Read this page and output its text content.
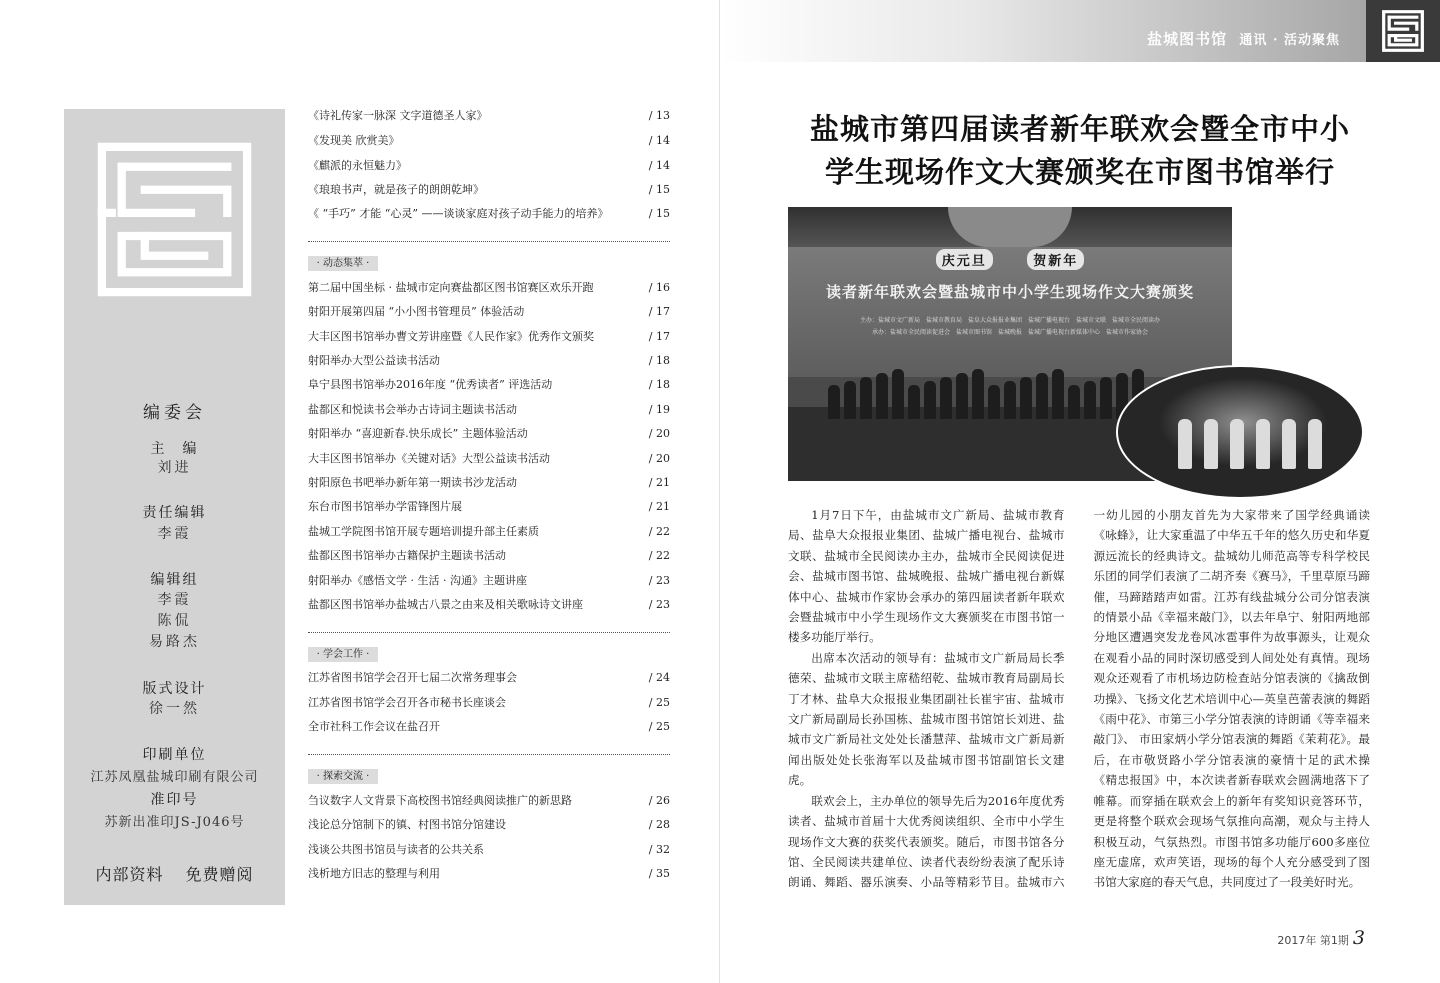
编委会
主　编
刘进
责任编辑
李霞
编辑组
李霞
陈侃
易路杰
版式设计
徐一然
印刷单位
江苏凤凰盐城印刷有限公司
准印号
苏新出准印JS-J046号
内部资料 免费赠阅
《诗礼传家一脉深 文字道德圣人家》	/ 13
《发现美 欣赏美》	/ 14
《麒派的永恒魅力》	/ 14
《琅琅书声，就是孩子的朗朗乾坤》	/ 15
《 “手巧” 才能 “心灵” ——谈谈家庭对孩子动手能力的培养》	/ 15
· 动态集萃 ·
第二届中国坐标 · 盐城市定向赛盐都区图书馆赛区欢乐开跑	/ 16
射阳开展第四届 “小小图书管理员” 体验活动	/ 17
大丰区图书馆举办曹文芳讲座暨《人民作家》优秀作文颁奖	/ 17
射阳举办大型公益读书活动	/ 18
阜宁县图书馆举办2016年度 “优秀读者” 评选活动	/ 18
盐都区和悦读书会举办古诗词主题读书活动	/ 19
射阳举办 “喜迎新春.快乐成长” 主题体验活动	/ 20
大丰区图书馆举办《关键对话》大型公益读书活动	/ 20
射阳原色书吧举办新年第一期读书沙龙活动	/ 21
东台市图书馆举办学雷锋图片展	/ 21
盐城工学院图书馆开展专题培训提升部主任素质	/ 22
盐都区图书馆举办古籍保护主题读书活动	/ 22
射阳举办《感悟文学 · 生活 · 沟通》主题讲座	/ 23
盐都区图书馆举办盐城古八景之由来及相关歌咏诗文讲座	/ 23
· 学会工作 ·
江苏省图书馆学会召开七届二次常务理事会	/ 24
江苏省图书馆学会召开各市秘书长座谈会	/ 25
全市社科工作会议在盐召开	/ 25
· 探索交流 ·
刍议数字人文背景下高校图书馆经典阅读推广的新思路	/ 26
浅论总分馆制下的镇、村图书馆分馆建设	/ 28
浅谈公共图书馆员与读者的公共关系	/ 32
浅析地方旧志的整理与利用	/ 35
盐城图书馆 通讯 · 活动聚焦
盐城市第四届读者新年联欢会暨全市中小
学生现场作文大赛颁奖在市图书馆举行
庆元旦	贺新年
读者新年联欢会暨盐城市中小学生现场作文大赛颁奖
主办：盐城市文广新局　盐城市教育局　盐阜大众报报业集团　盐城广播电视台　盐城市文联　盐城市全民阅读办
承办：盐城市全民阅读促进会　盐城市图书馆　盐城晚报　盐城广播电视台新媒体中心　盐城市作家协会

1月7日下午，由盐城市文广新局、盐城市教育局、盐阜大众报报业集团、盐城广播电视台、盐城市文联、盐城市全民阅读办主办，盐城市全民阅读促进会、盐城市图书馆、盐城晚报、盐城广播电视台新媒体中心、盐城市作家协会承办的第四届读者新年联欢会暨盐城市中小学生现场作文大赛颁奖在市图书馆一楼多功能厅举行。

出席本次活动的领导有：盐城市文广新局局长季德荣、盐城市文联主席嵇绍乾、盐城市教育局副局长丁才林、盐阜大众报报业集团副社长崔宇宙、盐城市文广新局副局长孙国栋、盐城市图书馆馆长刘进、盐城市文广新局社文处处长潘慧萍、盐城市文广新局新闻出版处处长张海军以及盐城市图书馆副馆长文建虎。

联欢会上，主办单位的领导先后为2016年度优秀读者、盐城市首届十大优秀阅读组织、全市中小学生现场作文大赛的获奖代表颁奖。随后，市图书馆各分馆、全民阅读共建单位、读者代表纷纷表演了配乐诗朗诵、舞蹈、器乐演奏、小品等精彩节目。盐城市六一幼儿园的小朋友首先为大家带来了国学经典诵读《咏蜂》，让大家重温了中华五千年的悠久历史和华夏源远流长的经典诗文。盐城幼儿师范高等专科学校民乐团的同学们表演了二胡齐奏《赛马》，千里草原马蹄催，马蹄踏踏声如雷。江苏有线盐城分公司分馆表演的情景小品《幸福来敲门》，以去年阜宁、射阳两地部分地区遭遇突发龙卷风冰雹事件为故事源头，让观众在观看小品的同时深切感受到人间处处有真情。现场观众还观看了市机场边防检查站分馆表演的《擒敌倒功操》、飞扬文化艺术培训中心—英皇芭蕾表演的舞蹈《雨中花》、市第三小学分馆表演的诗朗诵《等幸福来敲门》、 市田家炳小学分馆表演的舞蹈《茉莉花》。最后，在市敬贤路小学分馆表演的豪情十足的武术操《精忠报国》中，本次读者新春联欢会圆满地落下了帷幕。而穿插在联欢会上的新年有奖知识竞答环节，更是将整个联欢会现场气氛推向高潮，观众与主持人积极互动，气氛热烈。市图书馆多功能厅600多座位座无虚席，欢声笑语，现场的每个人充分感受到了图书馆大家庭的春天气息，共同度过了一段美好时光。

2017年 第1期 3
